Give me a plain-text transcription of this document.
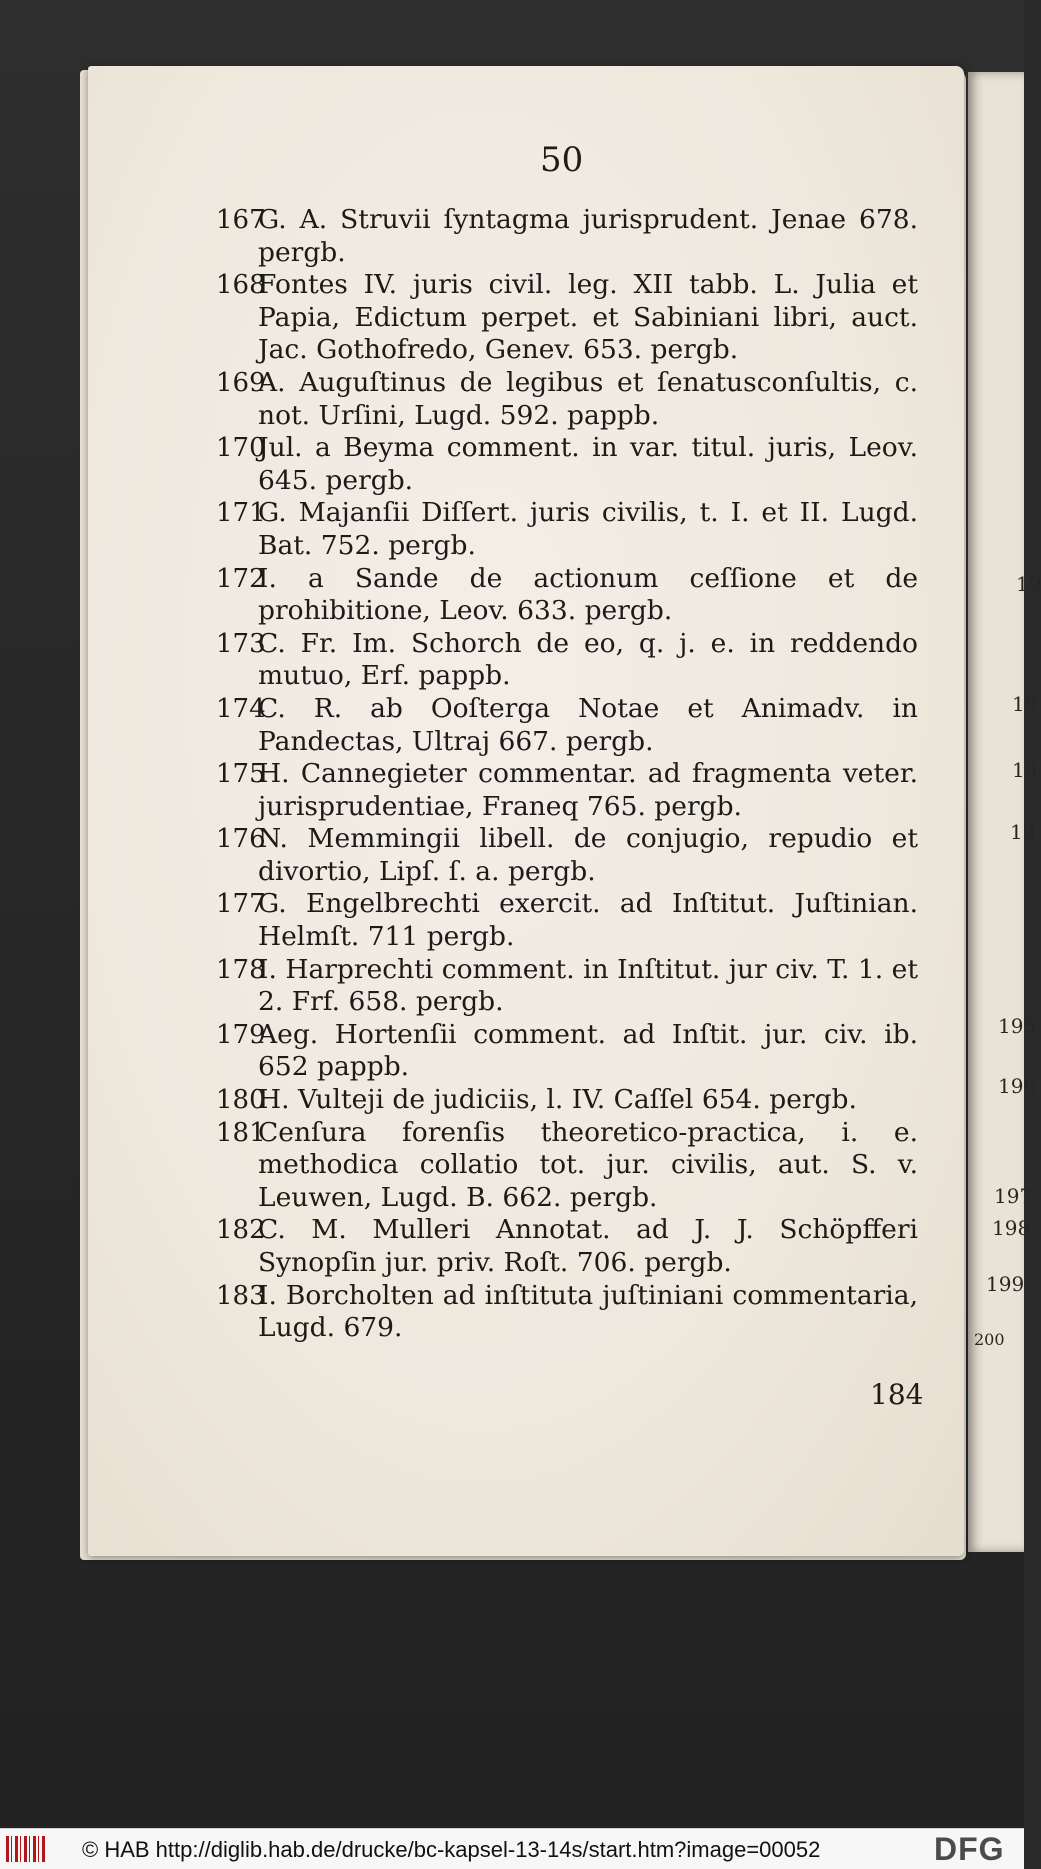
19
19
19
19
195
196
197
198
199
200
50
167
G. A. Struvii ſyntagma jurisprudent. Jenae 678. pergb.
168
Fontes IV. juris civil. leg. XII tabb. L. Julia et Papia, Edictum perpet. et Sabiniani libri, auct. Jac. Gothofredo, Genev. 653. pergb.
169
A. Auguſtinus de legibus et ſenatusconſultis, c. not. Urſini, Lugd. 592. pappb.
170
Jul. a Beyma comment. in var. titul. juris, Leov. 645. pergb.
171
G. Majanſii Diſſert. juris civilis, t. I. et II. Lugd. Bat. 752. pergb.
172
I. a Sande de actionum ceſſione et de prohibitione, Leov. 633. pergb.
173
C. Fr. Im. Schorch de eo, q. j. e. in reddendo mutuo, Erf. pappb.
174
C. R. ab Ooſterga Notae et Animadv. in Pandectas, Ultraj 667. pergb.
175
H. Cannegieter commentar. ad fragmenta veter. jurisprudentiae, Franeq 765. pergb.
176
N. Memmingii libell. de conjugio, repudio et divortio, Lipſ. ſ. a. pergb.
177
G. Engelbrechti exercit. ad Inſtitut. Juſtinian. Helmſt. 711 pergb.
178
I. Harprechti comment. in Inſtitut. jur civ. T. 1. et 2. Frf. 658. pergb.
179
Aeg. Hortenſii comment. ad Inſtit. jur. civ. ib. 652 pappb.
180
H. Vulteji de judiciis, l. IV. Caſſel 654. pergb.
181
Cenſura forenſis theoretico-practica, i. e. methodica collatio tot. jur. civilis, aut. S. v. Leuwen, Lugd. B. 662. pergb.
182
C. M. Mulleri Annotat. ad J. J. Schöpfferi Synopſin jur. priv. Roſt. 706. pergb.
183
I. Borcholten ad inſtituta juſtiniani commentaria, Lugd. 679.
184
© HAB http://diglib.hab.de/drucke/bc-kapsel-13-14s/start.htm?image=00052	DFG
